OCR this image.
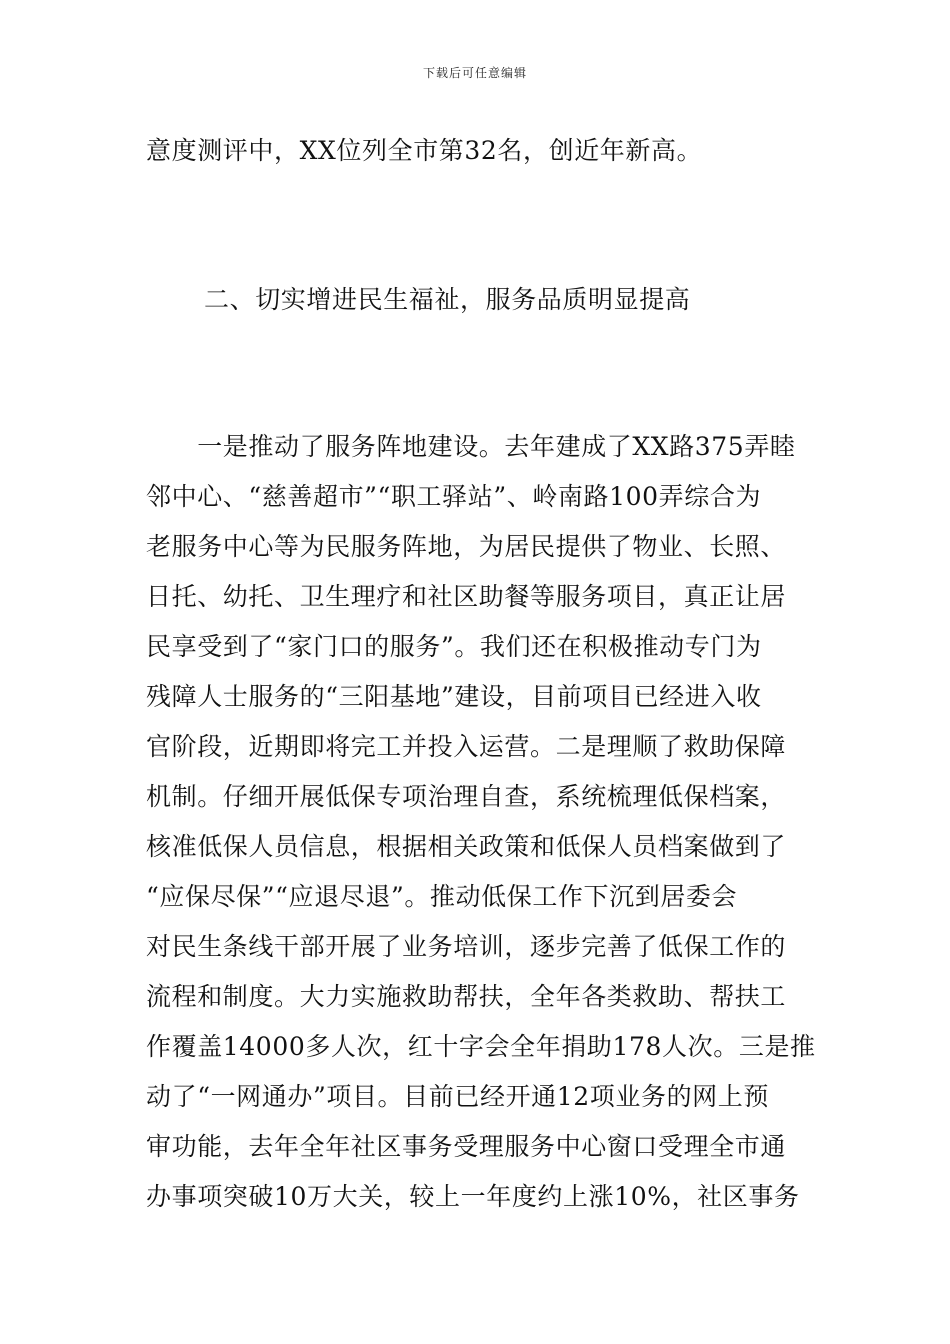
下载后可任意编辑
意度测评中，XX位列全市第32名，创近年新高。
二、切实增进民生福祉，服务品质明显提高
　　一是推动了服务阵地建设。去年建成了XX路375弄睦
邻中心、“慈善超市”“职工驿站”、岭南路100弄综合为
老服务中心等为民服务阵地，为居民提供了物业、长照、
日托、幼托、卫生理疗和社区助餐等服务项目，真正让居
民享受到了“家门口的服务”。我们还在积极推动专门为
残障人士服务的“三阳基地”建设，目前项目已经进入收
官阶段，近期即将完工并投入运营。二是理顺了救助保障
机制。仔细开展低保专项治理自查，系统梳理低保档案，
核准低保人员信息，根据相关政策和低保人员档案做到了
“应保尽保”“应退尽退”。推动低保工作下沉到居委会
对民生条线干部开展了业务培训，逐步完善了低保工作的
流程和制度。大力实施救助帮扶，全年各类救助、帮扶工
作覆盖14000多人次，红十字会全年捐助178人次。三是推
动了“一网通办”项目。目前已经开通12项业务的网上预
审功能，去年全年社区事务受理服务中心窗口受理全市通
办事项突破10万大关，较上一年度约上涨10%，社区事务
